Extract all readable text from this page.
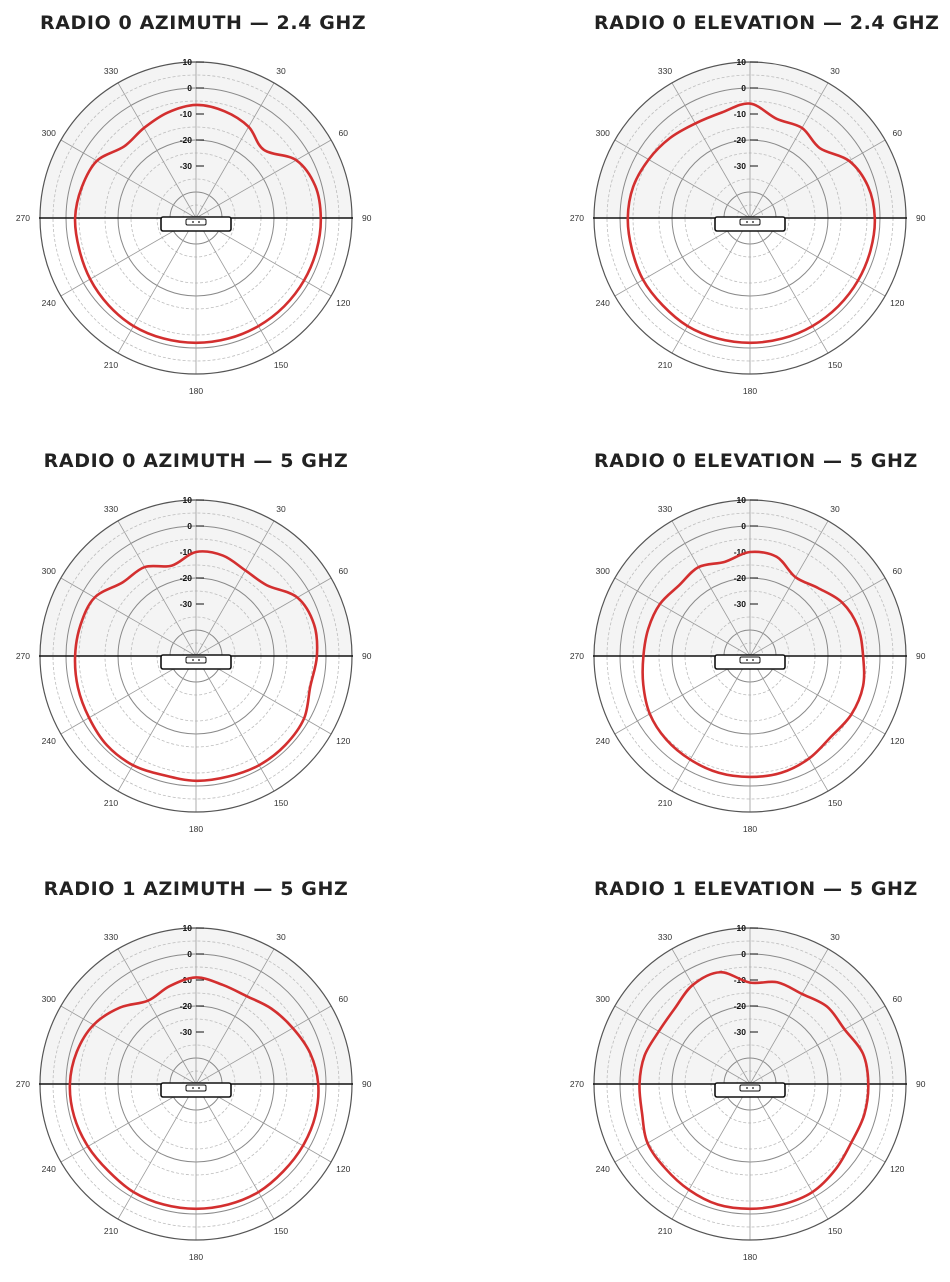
RADIO 0 AZIMUTH — 2.4 GHZ
10
0
-10
-20
-30
330	30
300	60
270	90
240	120
210	150
180
RADIO 0 ELEVATION — 2.4 GHZ
10
0
-10
-20
-30
330	30
300	60
270	90
240	120
210	150
180
RADIO 0 AZIMUTH — 5 GHZ
10
0
-10
-20
-30
330	30
300	60
270	90
240	120
210	150
180
RADIO 0 ELEVATION — 5 GHZ
10
0
-10
-20
-30
330	30
300	60
270	90
240	120
210	150
180
RADIO 1 AZIMUTH — 5 GHZ
10
0
-10
-20
-30
330	30
300	60
270	90
240	120
210	150
180
RADIO 1 ELEVATION — 5 GHZ
10
0
-10
-20
-30
330	30
300	60
270	90
240	120
210	150
180
